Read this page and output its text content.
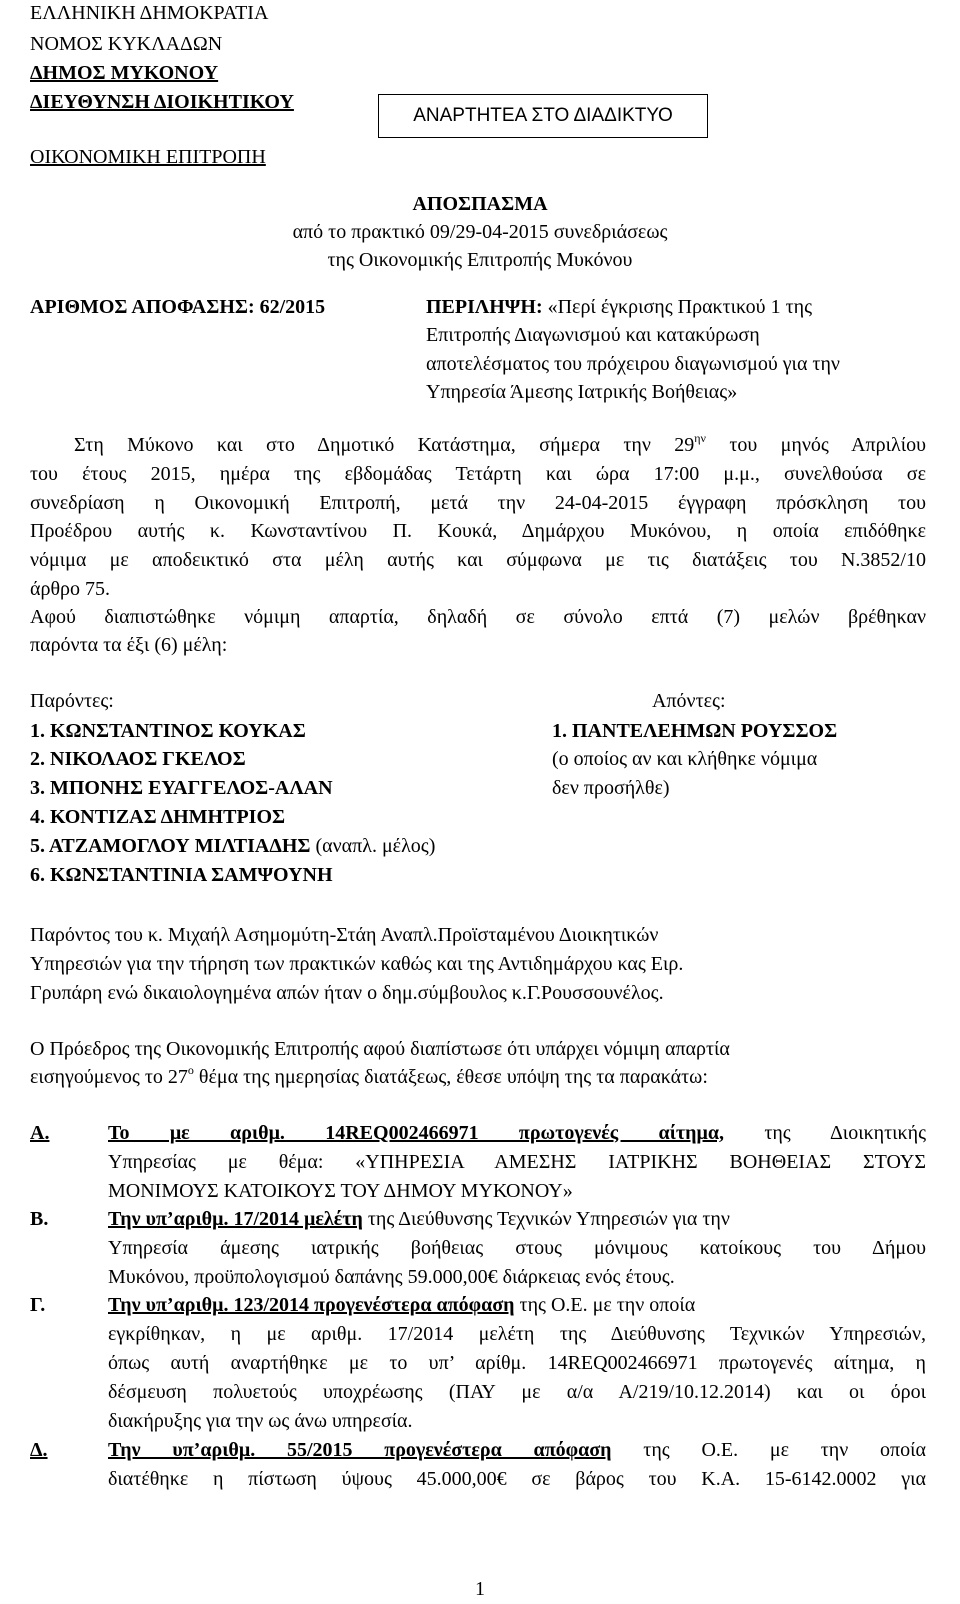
ΕΛΛΗΝΙΚΗ ΔΗΜΟΚΡΑΤΙΑ
ΝΟΜΟΣ ΚΥΚΛΑΔΩΝ
ΔΗΜΟΣ ΜΥΚΟΝΟΥ
ΔΙΕΥΘΥΝΣΗ ΔΙΟΙΚΗΤΙΚΟΥ
ΟΙΚΟΝΟΜΙΚΗ ΕΠΙΤΡΟΠΗ
ΑΝΑΡΤΗΤΕΑ ΣΤΟ ΔΙΑΔΙΚΤΥΟ
ΑΠΟΣΠΑΣΜΑ
από το πρακτικό 09/29-04-2015 συνεδριάσεως
της Οικονομικής Επιτροπής Μυκόνου
ΑΡΙΘΜΟΣ ΑΠΟΦΑΣΗΣ: 62/2015	ΠΕΡΙΛΗΨΗ: «Περί έγκρισης Πρακτικού 1 της
Επιτροπής Διαγωνισμού και κατακύρωση
αποτελέσματος του πρόχειρου διαγωνισμού για την
Υπηρεσία Άμεσης Ιατρικής Βοήθειας»
Στη Μύκονο και στο Δημοτικό Κατάστημα, σήμερα την $29^{\eta\nu}$ του μηνός Απριλίου
του έτους 2015, ημέρα της εβδομάδας Τετάρτη και ώρα 17:00 μ.μ., συνελθούσα σε
συνεδρίαση η Οικονομική Επιτροπή, μετά την 24-04-2015 έγγραφη πρόσκληση του
Προέδρου αυτής κ. Κωνσταντίνου Π. Κουκά, Δημάρχου Μυκόνου, η οποία επιδόθηκε
νόμιμα με αποδεικτικό στα μέλη αυτής και σύμφωνα με τις διατάξεις του Ν.3852/10
άρθρο 75.
Αφού διαπιστώθηκε νόμιμη απαρτία, δηλαδή σε σύνολο επτά (7) μελών βρέθηκαν
παρόντα τα έξι (6) μέλη:
Παρόντες:	Απόντες:
1. ΚΩΝΣΤΑΝΤΙΝΟΣ ΚΟΥΚΑΣ
2. ΝΙΚΟΛΑΟΣ ΓΚΕΛΟΣ
3. ΜΠΟΝΗΣ ΕΥΑΓΓΕΛΟΣ-ΑΛΑΝ
4. ΚΟΝΤΙΖΑΣ ΔΗΜΗΤΡΙΟΣ
5. ΑΤΖΑΜΟΓΛΟΥ ΜΙΛΤΙΑΔΗΣ (αναπλ. μέλος)
6. ΚΩΝΣΤΑΝΤΙΝΙΑ ΣΑΜΨΟΥΝΗ
1. ΠΑΝΤΕΛΕΗΜΩΝ ΡΟΥΣΣΟΣ
(ο οποίος αν και κλήθηκε νόμιμα
δεν προσήλθε)
Παρόντος του κ. Μιχαήλ Ασημομύτη-Στάη Αναπλ.Προϊσταμένου Διοικητικών
Υπηρεσιών για την τήρηση των πρακτικών καθώς και της Αντιδημάρχου κας Ειρ.
Γρυπάρη ενώ δικαιολογημένα απών ήταν ο δημ.σύμβουλος κ.Γ.Ρουσσουνέλος.
Ο Πρόεδρος της Οικονομικής Επιτροπής αφού διαπίστωσε ότι υπάρχει νόμιμη απαρτία
εισηγούμενος το $27^o$ θέμα της ημερησίας διατάξεως, έθεσε υπόψη της τα παρακάτω:
Α.	Το με αριθμ. 14REQ002466971 πρωτογενές αίτημα, της Διοικητικής
Υπηρεσίας με θέμα: «ΥΠΗΡΕΣΙΑ ΑΜΕΣΗΣ ΙΑΤΡΙΚΗΣ ΒΟΗΘΕΙΑΣ ΣΤΟΥΣ
ΜΟΝΙΜΟΥΣ ΚΑΤΟΙΚΟΥΣ ΤΟΥ ΔΗΜΟΥ ΜΥΚΟΝΟΥ»
Β.	Την υπ’αριθμ. 17/2014 μελέτη της Διεύθυνσης Τεχνικών Υπηρεσιών για την
Υπηρεσία άμεσης ιατρικής βοήθειας στους μόνιμους κατοίκους του Δήμου
Μυκόνου, προϋπολογισμού δαπάνης 59.000,00€ διάρκειας ενός έτους.
Γ.	Την υπ’αριθμ. 123/2014 προγενέστερα απόφαση της Ο.Ε. με την οποία
εγκρίθηκαν, η με αριθμ. 17/2014 μελέτη της Διεύθυνσης Τεχνικών Υπηρεσιών,
όπως αυτή αναρτήθηκε με το υπ’ αρίθμ. 14REQ002466971 πρωτογενές αίτημα, η
δέσμευση πολυετούς υποχρέωσης (ΠΑΥ με α/α Α/219/10.12.2014) και οι όροι
διακήρυξης για την ως άνω υπηρεσία.
Δ.	Την υπ’αριθμ. 55/2015 προγενέστερα απόφαση της Ο.Ε. με την οποία
διατέθηκε η πίστωση ύψους 45.000,00€ σε βάρος του Κ.Α. 15-6142.0002 για
1
